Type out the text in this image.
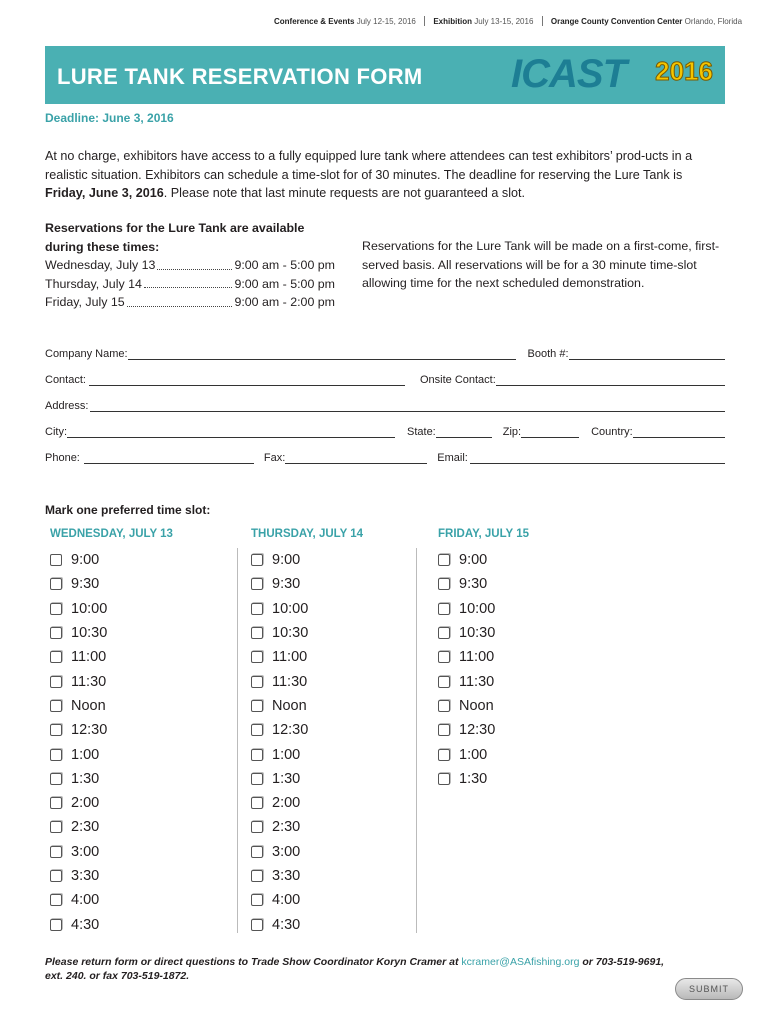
Conference & Events July 12-15, 2016 Exhibition July 13-15, 2016 Orange County Convention Center Orlando, Florida
LURE TANK RESERVATION FORM ICAST 2016
Deadline: June 3, 2016
At no charge, exhibitors have access to a fully equipped lure tank where attendees can test exhibitors’ prod-ucts in a realistic situation. Exhibitors can schedule a time-slot for of 30 minutes. The deadline for reserving the Lure Tank is Friday, June 3, 2016. Please note that last minute requests are not guaranteed a slot.
Reservations for the Lure Tank are available during these times:
Wednesday, July 13	9:00 am - 5:00 pm
Thursday, July 14	9:00 am - 5:00 pm
Friday, July 15	9:00 am - 2:00 pm
Reservations for the Lure Tank will be made on a first-come, first-served basis. All reservations will be for a 30 minute time-slot allowing time for the next scheduled demonstration.
Company Name:	Booth #:
Contact:	Onsite Contact:
Address:
City:	State:	Zip:	Country:
Phone:	Fax:	Email:
Mark one preferred time slot:
WEDNESDAY, JULY 13
9:00
9:30
10:00
10:30
11:00
11:30
Noon
12:30
1:00
1:30
2:00
2:30
3:00
3:30
4:00
4:30
THURSDAY, JULY 14
9:00
9:30
10:00
10:30
11:00
11:30
Noon
12:30
1:00
1:30
2:00
2:30
3:00
3:30
4:00
4:30
FRIDAY, JULY 15
9:00
9:30
10:00
10:30
11:00
11:30
Noon
12:30
1:00
1:30
Please return form or direct questions to Trade Show Coordinator Koryn Cramer at kcramer@ASAfishing.org or 703-519-9691, ext. 240. or fax 703-519-1872.
SUBMIT
